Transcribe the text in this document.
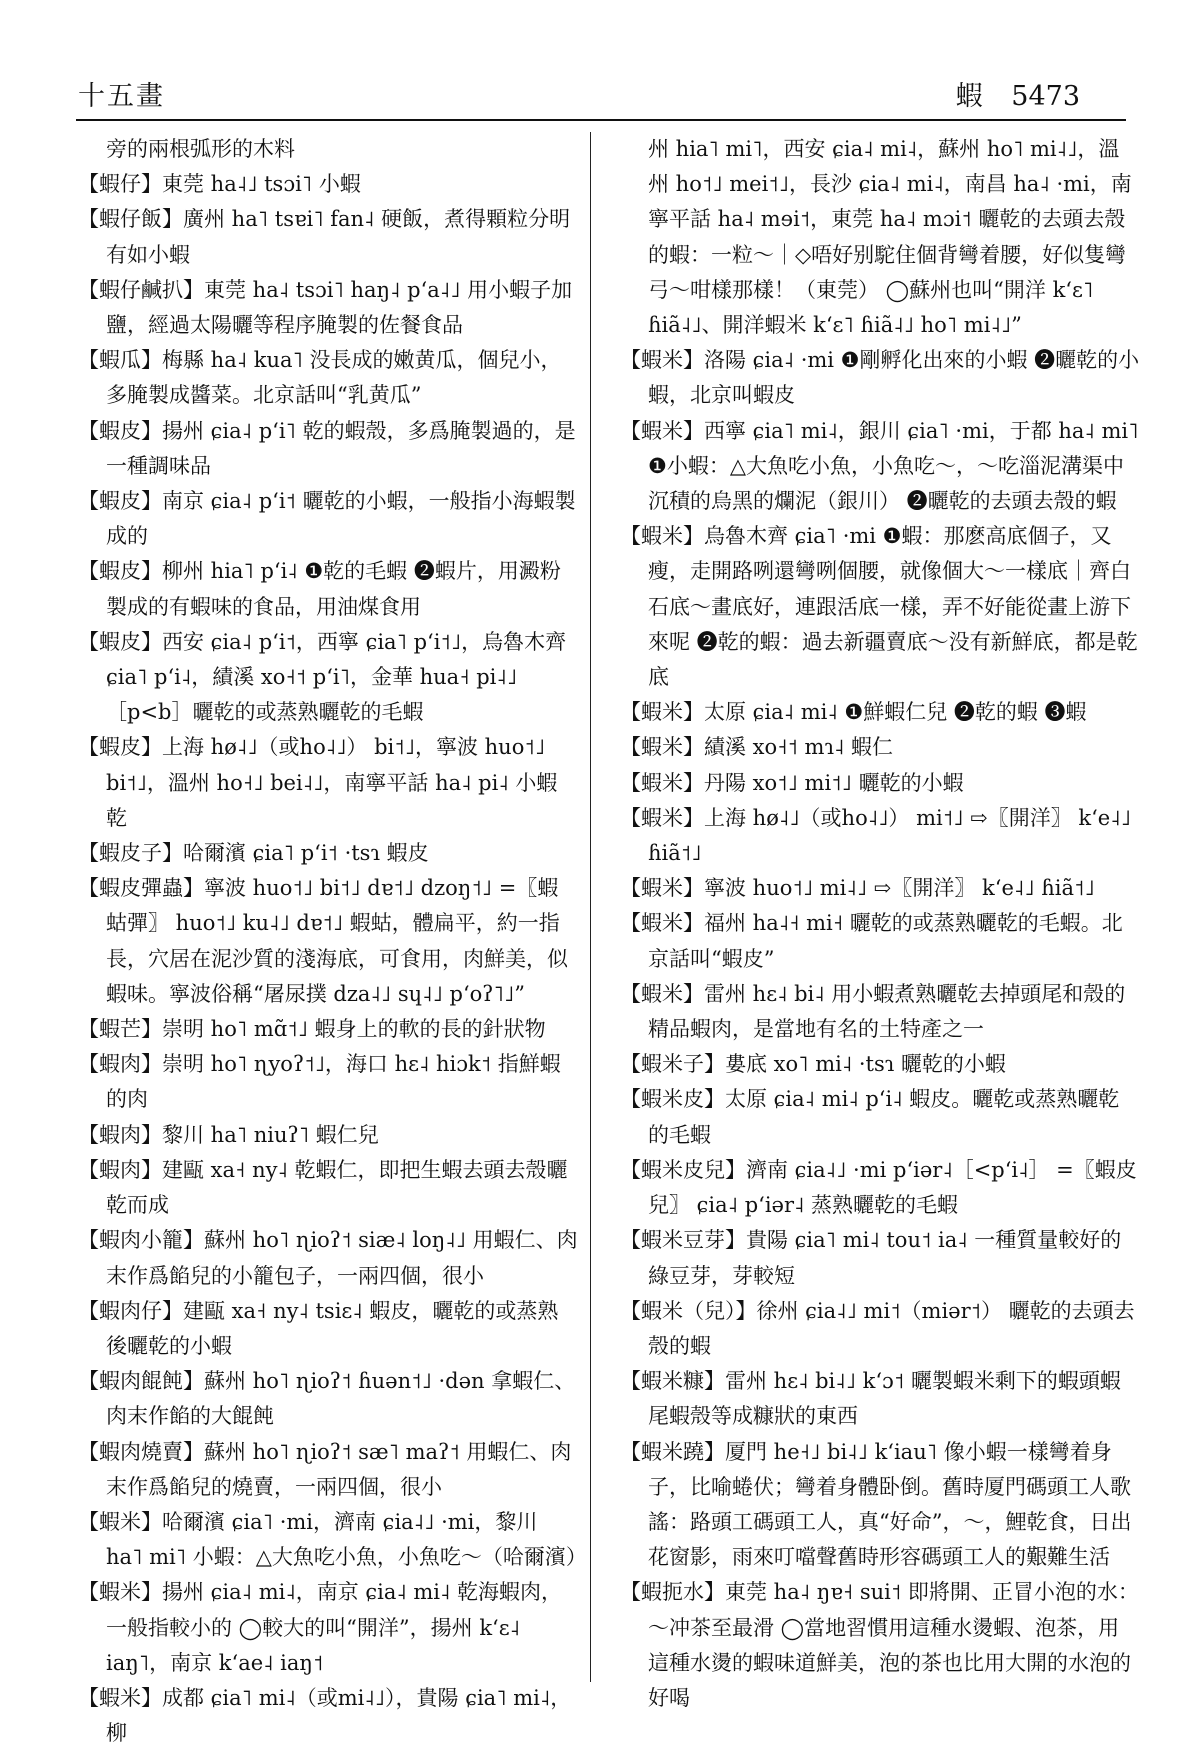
十五畫	蝦 5473

旁的兩根弧形的木料

【蝦仔】東莞 ha˨˩ tsɔi˥ 小蝦

【蝦仔飯】廣州 ha˥ tsɐi˥ fan˨ 硬飯，煮得顆粒分明有如小蝦

【蝦仔鹹扒】東莞 ha˨ tsɔi˥ haŋ˨ pʻa˨˩ 用小蝦子加鹽，經過太陽曬等程序腌製的佐餐食品

【蝦瓜】梅縣 ha˨ kua˥ 没長成的嫩黄瓜，個兒小，多腌製成醬菜。北京話叫“乳黄瓜”

【蝦皮】揚州 ɕia˨ pʻi˥ 乾的蝦殼，多爲腌製過的，是一種調味品

【蝦皮】南京 ɕia˨ pʻi˦ 曬乾的小蝦，一般指小海蝦製成的

【蝦皮】柳州 hia˥ pʻi˨ ❶乾的毛蝦 ❷蝦片，用澱粉製成的有蝦味的食品，用油煤食用

【蝦皮】西安 ɕia˨ pʻi˦，西寧 ɕia˥ pʻi˦˩，烏魯木齊 ɕia˥ pʻi˨，績溪 xo˧˦ pʻi˥，金華 hua˧ pi˨˩［p<b］曬乾的或蒸熟曬乾的毛蝦

【蝦皮】上海 hø˨˩（或ho˨˩） bi˦˩，寧波 huo˦˩ bi˦˩，溫州 ho˧˩ bei˨˩，南寧平話 ha˨ pi˨ 小蝦乾

【蝦皮子】哈爾濱 ɕia˥ pʻi˦ ·tsɿ 蝦皮

【蝦皮彈蟲】寧波 huo˦˩ bi˦˩ dɐ˦˩ dzoŋ˦˩ =〖蝦蛄彈〗 huo˦˩ ku˨˩ dɐ˦˩ 蝦蛄，體扁平，約一指長，穴居在泥沙質的淺海底，可食用，肉鮮美，似蝦味。寧波俗稱“屠尿撲 dza˨˩ sɥ˨˩ pʻoʔ˥˩”

【蝦芒】崇明 ho˥ mɑ̃˦˩ 蝦身上的軟的長的針狀物

【蝦肉】崇明 ho˥ ɳyoʔ˦˩，海口 hɛ˨ hiɔk˦ 指鮮蝦的肉

【蝦肉】黎川 ha˥ niuʔ˥ 蝦仁兒

【蝦肉】建甌 xa˧ ny˨ 乾蝦仁，即把生蝦去頭去殼曬乾而成

【蝦肉小籠】蘇州 ho˥ ɳioʔ˦ siæ˨ loŋ˨˩ 用蝦仁、肉末作爲餡兒的小籠包子，一兩四個，很小

【蝦肉仔】建甌 xa˧ ny˨ tsiɛ˨ 蝦皮，曬乾的或蒸熟後曬乾的小蝦

【蝦肉餛飩】蘇州 ho˥ ɳioʔ˦ ɦuən˦˩ ·dən 拿蝦仁、肉末作餡的大餛飩

【蝦肉燒賣】蘇州 ho˥ ɳioʔ˦ sæ˥ maʔ˦ 用蝦仁、肉末作爲餡兒的燒賣，一兩四個，很小

【蝦米】哈爾濱 ɕia˥ ·mi，濟南 ɕia˨˩ ·mi，黎川 ha˥ mi˥ 小蝦：△大魚吃小魚，小魚吃～（哈爾濱）

【蝦米】揚州 ɕia˨ mi˨，南京 ɕia˨ mi˨ 乾海蝦肉，一般指較小的 ◯較大的叫“開洋”，揚州 kʻɛ˨ iaŋ˥，南京 kʻae˨ iaŋ˦

【蝦米】成都 ɕia˥ mi˨（或mi˨˩），貴陽 ɕia˥ mi˨，柳

州 hia˥ mi˥，西安 ɕia˨ mi˨，蘇州 ho˥ mi˨˩，溫州 ho˦˩ mei˦˩，長沙 ɕia˨ mi˨，南昌 ha˨ ·mi，南寧平話 ha˨ mɘi˦，東莞 ha˨ mɔi˦ 曬乾的去頭去殼的蝦：一粒～｜◇唔好别駝住個背彎着腰，好似隻彎弓～咁樣那樣！（東莞） ◯蘇州也叫“開洋 kʻɛ˥ ɦiã˨˩、開洋蝦米 kʻɛ˥ ɦiã˨˩ ho˥ mi˨˩”

【蝦米】洛陽 ɕia˨ ·mi ❶剛孵化出來的小蝦 ❷曬乾的小蝦，北京叫蝦皮

【蝦米】西寧 ɕia˥ mi˨，銀川 ɕia˥ ·mi，于都 ha˨ mi˥ ❶小蝦：△大魚吃小魚，小魚吃～，～吃淄泥溝渠中沉積的烏黑的爛泥（銀川） ❷曬乾的去頭去殼的蝦

【蝦米】烏魯木齊 ɕia˥ ·mi ❶蝦：那麽高底個子，又瘦，走開路咧還彎咧個腰，就像個大～一樣底｜齊白石底～畫底好，連跟活底一樣，弄不好能從畫上游下來呢 ❷乾的蝦：過去新疆賣底～没有新鮮底，都是乾底

【蝦米】太原 ɕia˨ mi˨ ❶鮮蝦仁兒 ❷乾的蝦 ❸蝦

【蝦米】績溪 xo˧˦ mɿ˨ 蝦仁

【蝦米】丹陽 xo˦˩ mi˦˩ 曬乾的小蝦

【蝦米】上海 hø˨˩（或ho˨˩） mi˦˩ ⇨〖開洋〗 kʻe˨˩ ɦiã˦˩

【蝦米】寧波 huo˦˩ mi˨˩ ⇨〖開洋〗 kʻe˨˩ ɦiã˦˩

【蝦米】福州 ha˨˧ mi˧ 曬乾的或蒸熟曬乾的毛蝦。北京話叫“蝦皮”

【蝦米】雷州 hɛ˨ bi˨ 用小蝦煮熟曬乾去掉頭尾和殼的精品蝦肉，是當地有名的土特產之一

【蝦米子】婁底 xo˥ mi˨ ·tsɿ 曬乾的小蝦

【蝦米皮】太原 ɕia˨ mi˨ pʻi˨ 蝦皮。曬乾或蒸熟曬乾的毛蝦

【蝦米皮兒】濟南 ɕia˨˩ ·mi pʻiər˨［<pʻi˨］ =〖蝦皮兒〗 ɕia˨ pʻiər˨ 蒸熟曬乾的毛蝦

【蝦米豆芽】貴陽 ɕia˥ mi˨ tou˦ ia˨ 一種質量較好的綠豆芽，芽較短

【蝦米（兒）】徐州 ɕia˨˩ mi˦（miər˦） 曬乾的去頭去殼的蝦

【蝦米糠】雷州 hɛ˨ bi˨˩ kʻɔ˦ 曬製蝦米剩下的蝦頭蝦尾蝦殼等成糠狀的東西

【蝦米蹺】厦門 he˧˩ bi˨˩ kʻiau˥ 像小蝦一樣彎着身子，比喻蜷伏；彎着身體卧倒。舊時厦門碼頭工人歌謠：路頭工碼頭工人，真“好命”，～，鯉乾食，日出花窗影，雨來叮噹聲舊時形容碼頭工人的艱難生活

【蝦扼水】東莞 ha˨ ŋɐ˧ sui˦ 即將開、正冒小泡的水：～冲茶至最滑 ◯當地習慣用這種水燙蝦、泡茶，用這種水燙的蝦味道鮮美，泡的茶也比用大開的水泡的好喝
